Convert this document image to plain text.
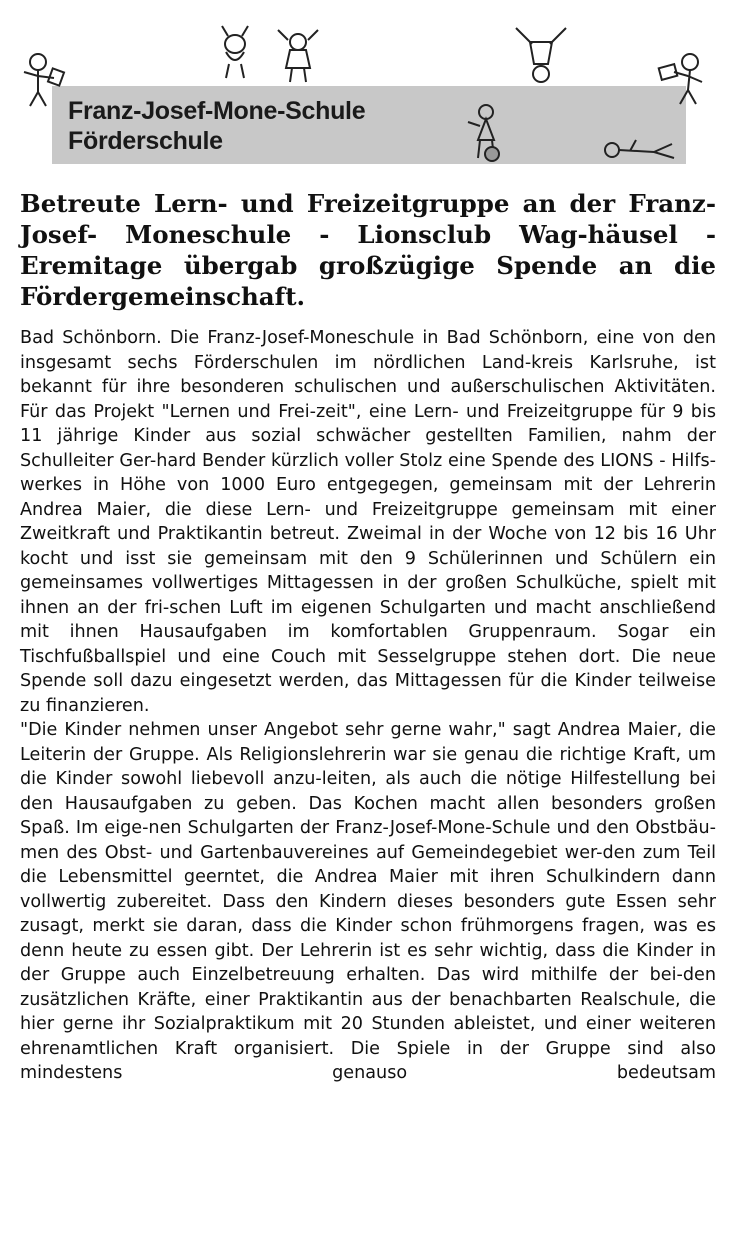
Franz-Josef-Mone-Schule
Förderschule
Betreute Lern- und Freizeitgruppe an der Franz-Josef- Moneschule - Lionsclub Wag-häusel - Eremitage übergab großzügige Spende an die Fördergemeinschaft.

Bad Schönborn. Die Franz-Josef-Moneschule in Bad Schönborn, eine von den insgesamt sechs Förderschulen im nördlichen Land-kreis Karlsruhe, ist bekannt für ihre besonderen schulischen und außerschulischen Aktivitäten. Für das Projekt "Lernen und Frei-zeit", eine Lern- und Freizeitgruppe für 9 bis 11 jährige Kinder aus sozial schwächer gestellten Familien, nahm der Schulleiter Ger-hard Bender kürzlich voller Stolz eine Spende des LIONS - Hilfs-werkes in Höhe von 1000 Euro entgegegen, gemeinsam mit der Lehrerin Andrea Maier, die diese Lern- und Freizeitgruppe gemeinsam mit einer Zweitkraft und Praktikantin betreut. Zweimal in der Woche von 12 bis 16 Uhr kocht und isst sie gemeinsam mit den 9 Schülerinnen und Schülern ein gemeinsames vollwertiges Mittagessen in der großen Schulküche, spielt mit ihnen an der fri-schen Luft im eigenen Schulgarten und macht anschließend mit ihnen Hausaufgaben im komfortablen Gruppenraum. Sogar ein Tischfußballspiel und eine Couch mit Sesselgruppe stehen dort. Die neue Spende soll dazu eingesetzt werden, das Mittagessen für die Kinder teilweise zu finanzieren.

"Die Kinder nehmen unser Angebot sehr gerne wahr," sagt Andrea Maier, die Leiterin der Gruppe. Als Religionslehrerin war sie genau die richtige Kraft, um die Kinder sowohl liebevoll anzu-leiten, als auch die nötige Hilfestellung bei den Hausaufgaben zu geben. Das Kochen macht allen besonders großen Spaß. Im eige-nen Schulgarten der Franz-Josef-Mone-Schule und den Obstbäu-men des Obst- und Gartenbauvereines auf Gemeindegebiet wer-den zum Teil die Lebensmittel geerntet, die Andrea Maier mit ihren Schulkindern dann vollwertig zubereitet. Dass den Kindern dieses besonders gute Essen sehr zusagt, merkt sie daran, dass die Kinder schon frühmorgens fragen, was es denn heute zu essen gibt. Der Lehrerin ist es sehr wichtig, dass die Kinder in der Gruppe auch Einzelbetreuung erhalten. Das wird mithilfe der bei-den zusätzlichen Kräfte, einer Praktikantin aus der benachbarten Realschule, die hier gerne ihr Sozialpraktikum mit 20 Stunden ableistet, und einer weiteren ehrenamtlichen Kraft organisiert. Die Spiele in der Gruppe sind also mindestens genauso bedeutsam
